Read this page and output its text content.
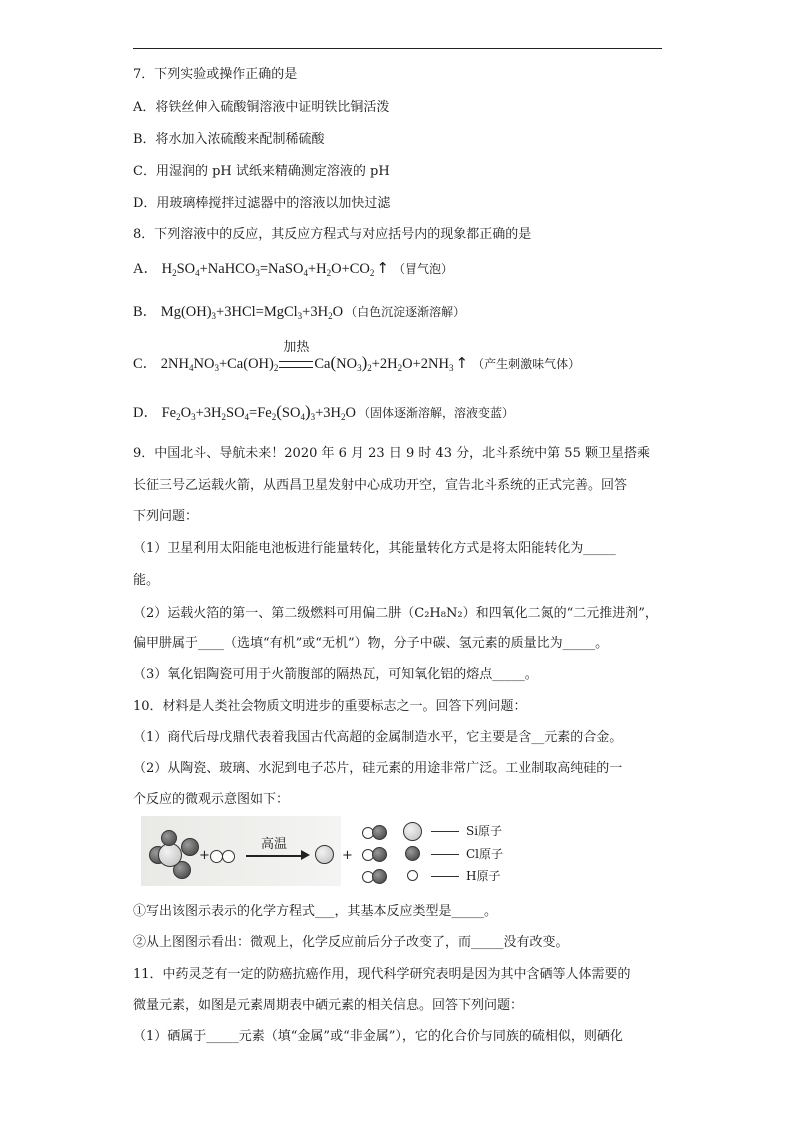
7．下列实验或操作正确的是
A．将铁丝伸入硫酸铜溶液中证明铁比铜活泼
B．将水加入浓硫酸来配制稀硫酸
C．用湿润的 pH 试纸来精确测定溶液的 pH
D．用玻璃棒搅拌过滤器中的溶液以加快过滤
8．下列溶液中的反应，其反应方程式与对应括号内的现象都正确的是
A． $H_2SO_4+NaHCO_3=NaSO_4+H_2O+CO_2$ ↑ （冒气泡）
B． $Mg(OH)_3+3HCl=MgCl_3+3H_2O$ （白色沉淀逐渐溶解）
C． $2NH_4NO_3+Ca(OH)_2$
加热
$Ca(NO_3)_2+2H_2O+2NH_3$ ↑ （产生刺激味气体）
D． $Fe_2O_3+3H_2SO_4=Fe_2(SO_4)_3+3H_2O$ （固体逐渐溶解，溶液变蓝）
9．中国北斗、导航未来！2020 年 6 月 23 日 9 时 43 分，北斗系统中第 55 颗卫星搭乘
长征三号乙运载火箭，从西昌卫星发射中心成功开空，宣告北斗系统的正式完善。回答
下列问题：
（1）卫星利用太阳能电池板进行能量转化，其能量转化方式是将太阳能转化为_____
能。
（2）运载火箔的第一、第二级燃料可用偏二肼（C₂H₈N₂）和四氧化二氮的“二元推进剂”，
偏甲肼属于____（选填“有机”或“无机”）物，分子中碳、氢元素的质量比为_____。
（3）氧化铝陶瓷可用于火箭腹部的隔热瓦，可知氧化铝的熔点_____。
10．材料是人类社会物质文明进步的重要标志之一。回答下列问题：
（1）商代后母戊鼎代表着我国古代高超的金属制造水平，它主要是含__元素的合金。
（2）从陶瓷、玻璃、水泥到电子芯片，硅元素的用途非常广泛。工业制取高纯硅的一
个反应的微观示意图如下：
+
高温
+
Si原子
Cl原子
H原子
①写出该图示表示的化学方程式___，其基本反应类型是_____。
②从上图图示看出：微观上，化学反应前后分子改变了，而_____没有改变。
11．中药灵芝有一定的防癌抗癌作用，现代科学研究表明是因为其中含硒等人体需要的
微量元素，如图是元素周期表中硒元素的相关信息。回答下列问题：
（1）硒属于_____元素（填“金属”或“非金属”），它的化合价与同族的硫相似，则硒化
